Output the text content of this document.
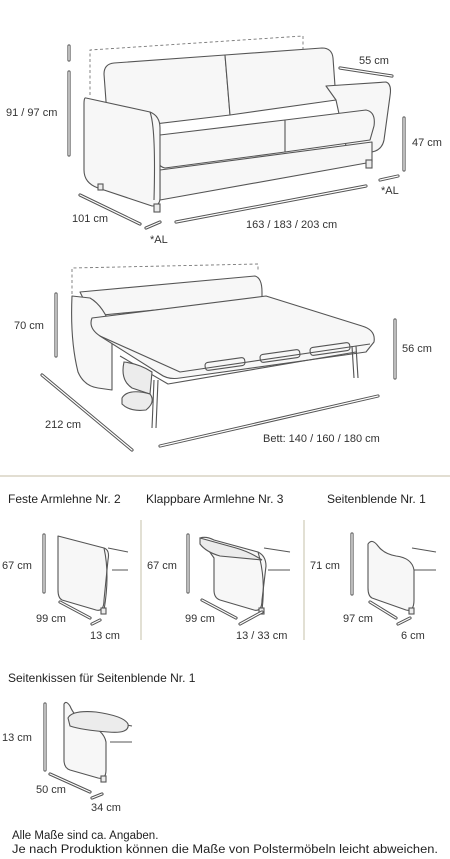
91 / 97 cm
55 cm
47 cm
*AL
101 cm
*AL
163 / 183 / 203 cm
70 cm
56 cm
212 cm
Bett: 140 / 160 / 180 cm
Feste Armlehne Nr. 2 Klappbare Armlehne Nr. 3	Seitenblende Nr. 1
67 cm
99 cm
13 cm
67 cm
99 cm
13 / 33 cm
71 cm
97 cm
6 cm
Seitenkissen für Seitenblende Nr. 1
13 cm
50 cm
34 cm
Alle Maße sind ca. Angaben.
Je nach Produktion können die Maße von Polstermöbeln leicht abweichen.
